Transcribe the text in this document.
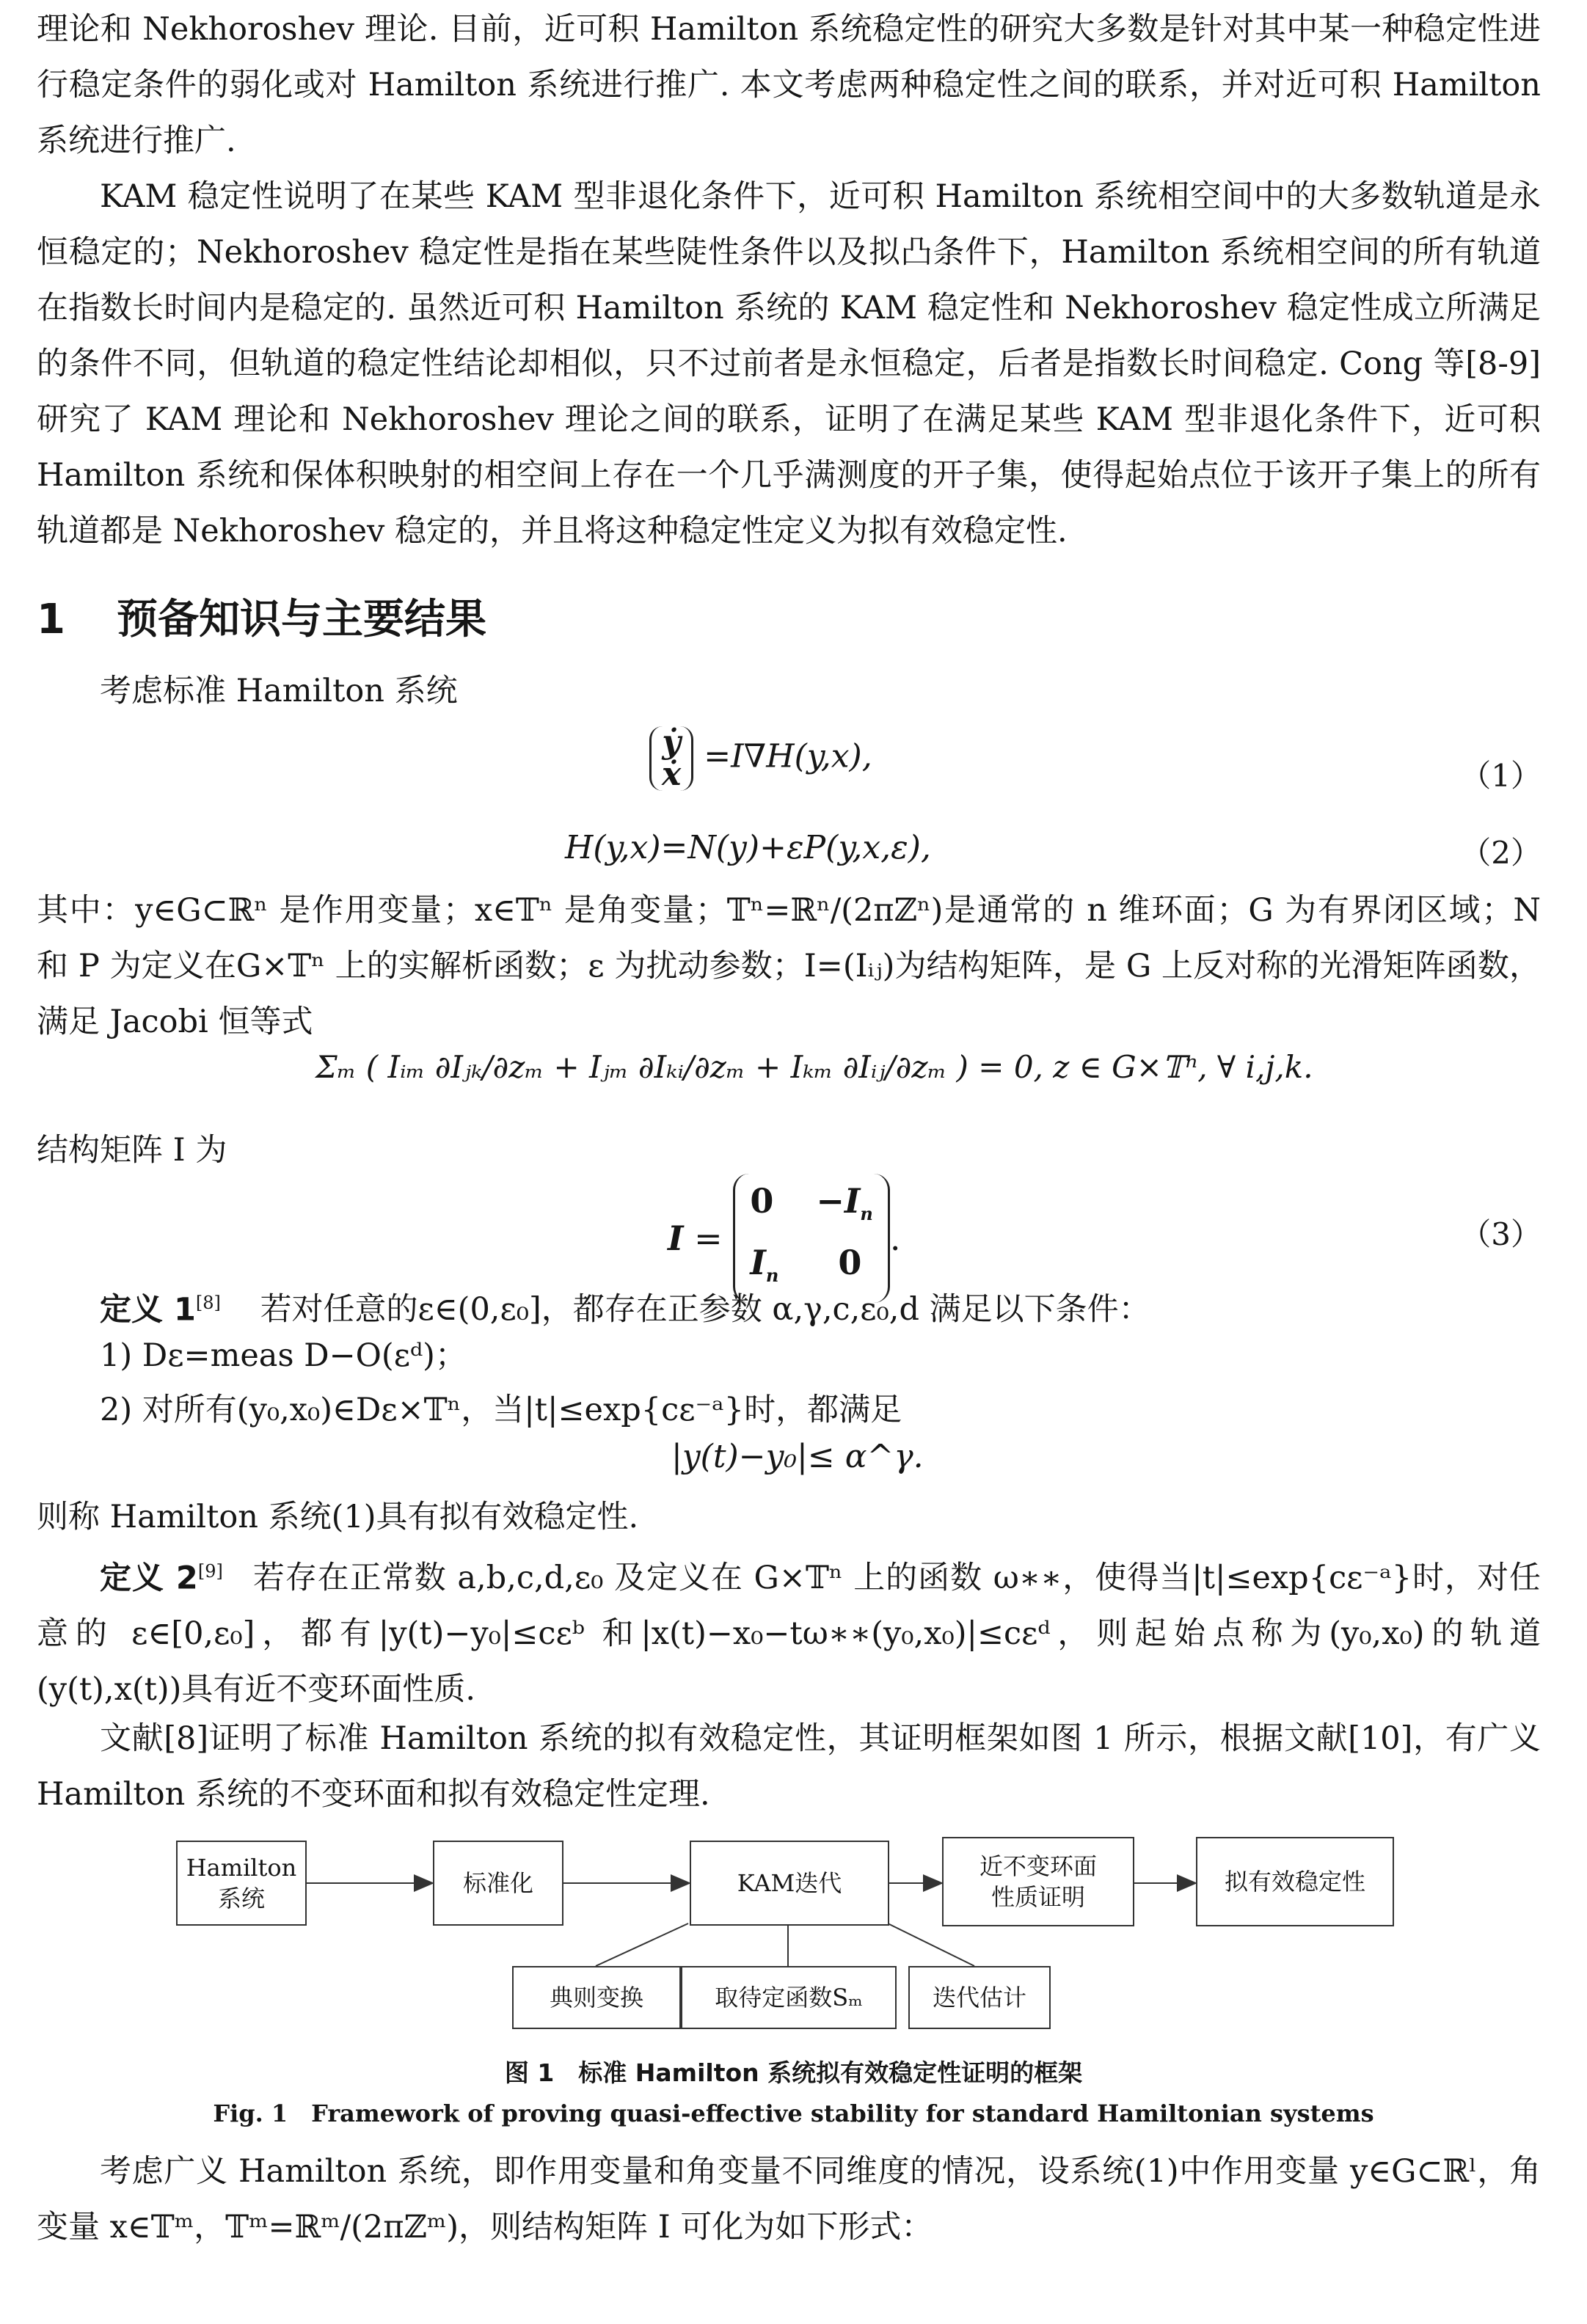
理论和 Nekhoroshev 理论. 目前，近可积 Hamilton 系统稳定性的研究大多数是针对其中某一种稳定性进行稳定条件的弱化或对 Hamilton 系统进行推广. 本文考虑两种稳定性之间的联系，并对近可积 Hamilton 系统进行推广.

KAM 稳定性说明了在某些 KAM 型非退化条件下，近可积 Hamilton 系统相空间中的大多数轨道是永恒稳定的；Nekhoroshev 稳定性是指在某些陡性条件以及拟凸条件下，Hamilton 系统相空间的所有轨道在指数长时间内是稳定的. 虽然近可积 Hamilton 系统的 KAM 稳定性和 Nekhoroshev 稳定性成立所满足的条件不同，但轨道的稳定性结论却相似，只不过前者是永恒稳定，后者是指数长时间稳定. Cong 等[8-9]研究了 KAM 理论和 Nekhoroshev 理论之间的联系，证明了在满足某些 KAM 型非退化条件下，近可积 Hamilton 系统和保体积映射的相空间上存在一个几乎满测度的开子集，使得起始点位于该开子集上的所有轨道都是 Nekhoroshev 稳定的，并且将这种稳定性定义为拟有效稳定性.

1 预备知识与主要结果

考虑标准 Hamilton 系统

ẏ
ẋ =I∇H(y,x),
（1）
H(y,x)=N(y)+εP(y,x,ε),	（2）

其中：y∈G⊂ℝⁿ 是作用变量；x∈𝕋ⁿ 是角变量；𝕋ⁿ=ℝⁿ/(2πℤⁿ)是通常的 n 维环面；G 为有界闭区域；N 和 P 为定义在G×𝕋ⁿ 上的实解析函数；ε 为扰动参数；I=(Iᵢⱼ)为结构矩阵，是 G 上反对称的光滑矩阵函数，满足 Jacobi 恒等式

Σₘ ( Iᵢₘ ∂Iⱼₖ/∂zₘ + Iⱼₘ ∂Iₖᵢ/∂zₘ + Iₖₘ ∂Iᵢⱼ/∂zₘ ) = 0, z ∈ G×𝕋ⁿ, ∀ i,j,k.

结构矩阵 I 为

$I = 0 -I_n$
$I_n$ 0.	（3）
定义 1[8] 若对任意的ε∈(0,ε₀]，都存在正参数 α,γ,c,ε₀,d 满足以下条件：
1) Dε=meas D−O(εᵈ)；
2) 对所有(y₀,x₀)∈Dε×𝕋ⁿ，当|t|≤exp{cε⁻ᵃ}时，都满足
|y(t)−y₀|≤ α^γ.
则称 Hamilton 系统(1)具有拟有效稳定性.

定义 2[9] 若存在正常数 a,b,c,d,ε₀ 及定义在 G×𝕋ⁿ 上的函数 ω∗∗，使得当|t|≤exp{cε⁻ᵃ}时，对任意的 ε∈[0,ε₀]，都有|y(t)−y₀|≤cεᵇ 和|x(t)−x₀−tω∗∗(y₀,x₀)|≤cεᵈ，则起始点称为(y₀,x₀)的轨道(y(t),x(t))具有近不变环面性质.

文献[8]证明了标准 Hamilton 系统的拟有效稳定性，其证明框架如图 1 所示，根据文献[10]，有广义 Hamilton 系统的不变环面和拟有效稳定性定理.

Hamilton系统
标准化	KAM迭代
近不变环面
性质证明
拟有效稳定性
典则变换	取待定函数Sₘ	迭代估计
图 1　标准 Hamilton 系统拟有效稳定性证明的框架
Fig. 1　Framework of proving quasi-effective stability for standard Hamiltonian systems

考虑广义 Hamilton 系统，即作用变量和角变量不同维度的情况，设系统(1)中作用变量 y∈G⊂ℝˡ，角变量 x∈𝕋ᵐ，𝕋ᵐ=ℝᵐ/(2πℤᵐ)，则结构矩阵 I 可化为如下形式：
